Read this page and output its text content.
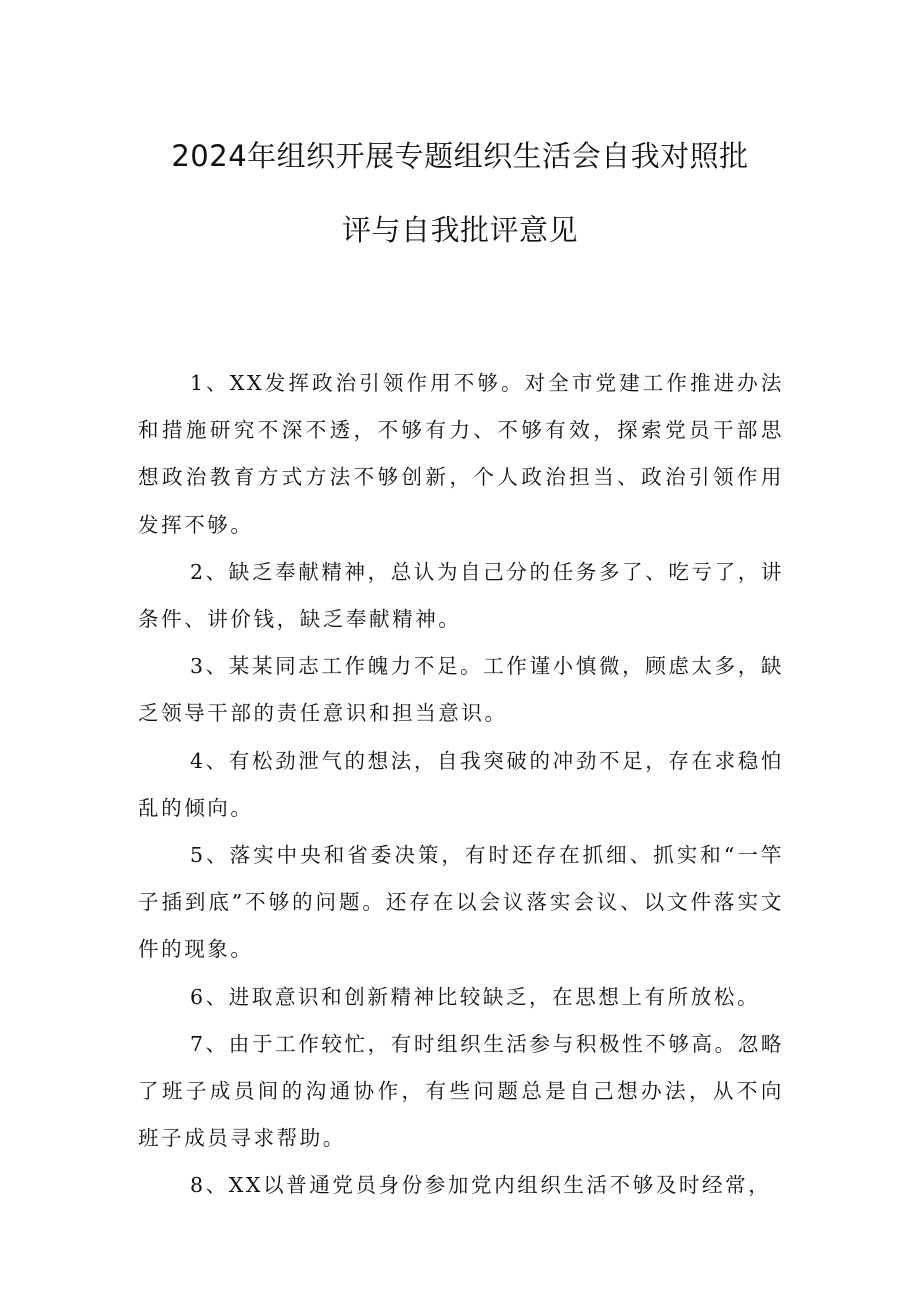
2024年组织开展专题组织生活会自我对照批
评与自我批评意见

1、XX发挥政治引领作用不够。对全市党建工作推进办法和措施研究不深不透，不够有力、不够有效，探索党员干部思想政治教育方式方法不够创新，个人政治担当、政治引领作用发挥不够。

2、缺乏奉献精神，总认为自己分的任务多了、吃亏了，讲条件、讲价钱，缺乏奉献精神。

3、某某同志工作魄力不足。工作谨小慎微，顾虑太多，缺乏领导干部的责任意识和担当意识。

4、有松劲泄气的想法，自我突破的冲劲不足，存在求稳怕乱的倾向。

5、落实中央和省委决策，有时还存在抓细、抓实和“一竿子插到底”不够的问题。还存在以会议落实会议、以文件落实文件的现象。

6、进取意识和创新精神比较缺乏，在思想上有所放松。

7、由于工作较忙，有时组织生活参与积极性不够高。忽略了班子成员间的沟通协作，有些问题总是自己想办法，从不向班子成员寻求帮助。

8、XX以普通党员身份参加党内组织生活不够及时经常，
